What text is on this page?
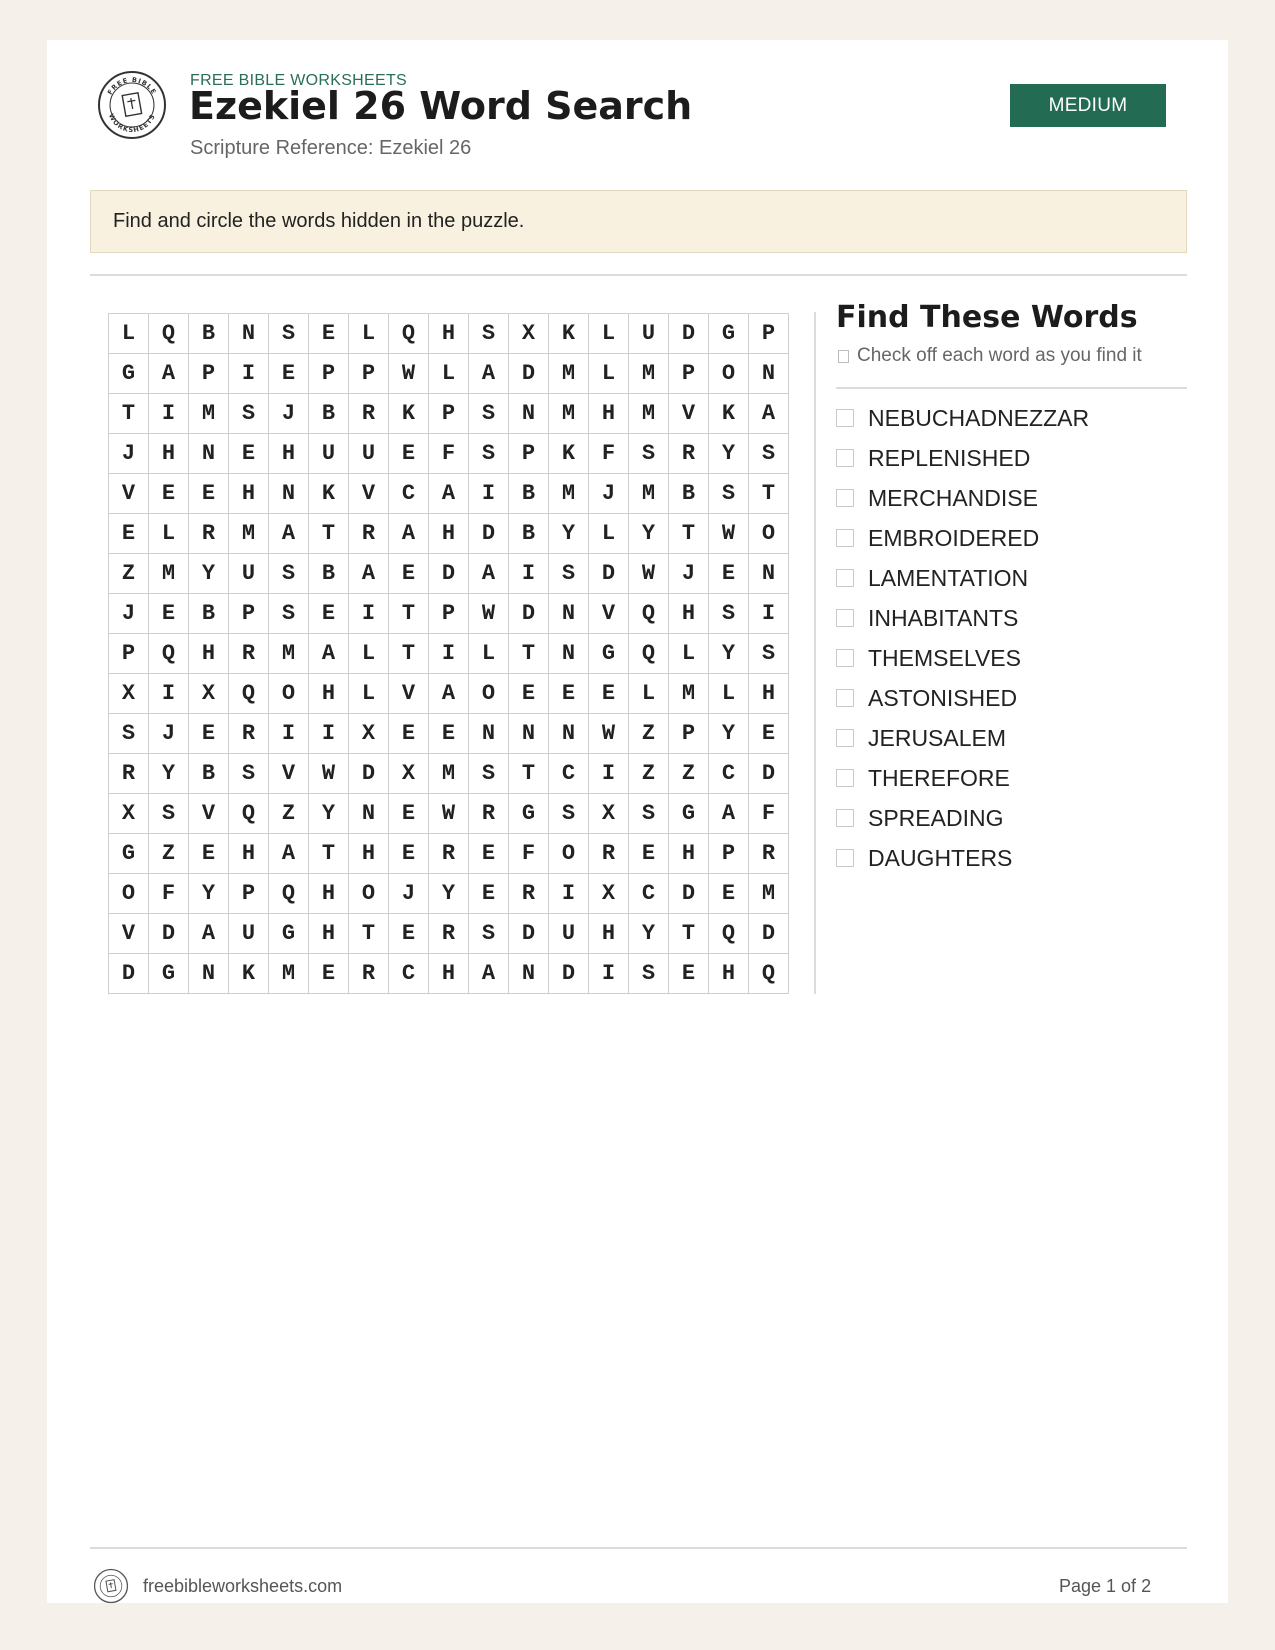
FREE BIBLE
WORKSHEETS
FREE BIBLE WORKSHEETS
Ezekiel 26 Word Search
Scripture Reference: Ezekiel 26
MEDIUM
Find and circle the words hidden in the puzzle.
L	Q	B	N	S	E	L	Q	H	S	X	K	L	U	D	G	P
G	A	P	I	E	P	P	W	L	A	D	M	L	M	P	O	N
T	I	M	S	J	B	R	K	P	S	N	M	H	M	V	K	A
J	H	N	E	H	U	U	E	F	S	P	K	F	S	R	Y	S
V	E	E	H	N	K	V	C	A	I	B	M	J	M	B	S	T
E	L	R	M	A	T	R	A	H	D	B	Y	L	Y	T	W	O
Z	M	Y	U	S	B	A	E	D	A	I	S	D	W	J	E	N
J	E	B	P	S	E	I	T	P	W	D	N	V	Q	H	S	I
P	Q	H	R	M	A	L	T	I	L	T	N	G	Q	L	Y	S
X	I	X	Q	O	H	L	V	A	O	E	E	E	L	M	L	H
S	J	E	R	I	I	X	E	E	N	N	N	W	Z	P	Y	E
R	Y	B	S	V	W	D	X	M	S	T	C	I	Z	Z	C	D
X	S	V	Q	Z	Y	N	E	W	R	G	S	X	S	G	A	F
G	Z	E	H	A	T	H	E	R	E	F	O	R	E	H	P	R
O	F	Y	P	Q	H	O	J	Y	E	R	I	X	C	D	E	M
V	D	A	U	G	H	T	E	R	S	D	U	H	Y	T	Q	D
D	G	N	K	M	E	R	C	H	A	N	D	I	S	E	H	Q
Find These Words
Check off each word as you find it
NEBUCHADNEZZAR
REPLENISHED
MERCHANDISE
EMBROIDERED
LAMENTATION
INHABITANTS
THEMSELVES
ASTONISHED
JERUSALEM
THEREFORE
SPREADING
DAUGHTERS
freebibleworksheets.com	Page 1 of 2
